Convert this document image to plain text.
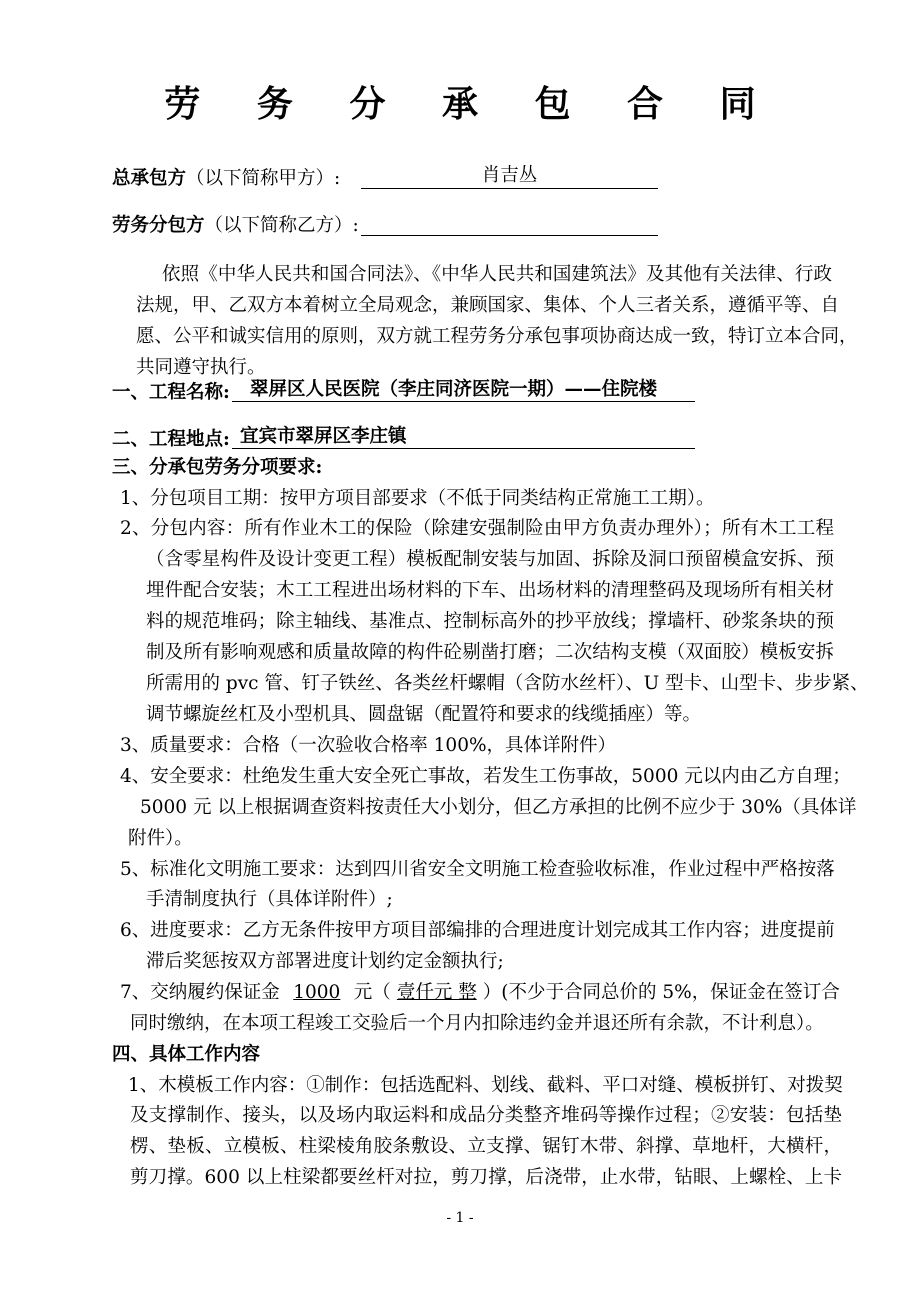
劳 务 分 承 包 合 同
总承包方（以下简称甲方）:	肖吉丛
劳务分包方（以下简称乙方）:
依照《中华人民共和国合同法》、《中华人民共和国建筑法》及其他有关法律、行政
法规，甲、乙双方本着树立全局观念，兼顾国家、集体、个人三者关系，遵循平等、自
愿、公平和诚实信用的原则，双方就工程劳务分承包事项协商达成一致，特订立本合同，
共同遵守执行。
一、工程名称:	翠屏区人民医院（李庄同济医院一期）——住院楼
二、工程地点: 宜宾市翠屏区李庄镇
三、分承包劳务分项要求:
1、分包项目工期：按甲方项目部要求（不低于同类结构正常施工工期）。
2、分包内容：所有作业木工的保险（除建安强制险由甲方负责办理外）；所有木工工程
（含零星构件及设计变更工程）模板配制安装与加固、拆除及洞口预留模盒安拆、预
埋件配合安装；木工工程进出场材料的下车、出场材料的清理整码及现场所有相关材
料的规范堆码；除主轴线、基准点、控制标高外的抄平放线；撑墙杆、砂浆条块的预
制及所有影响观感和质量故障的构件砼剔凿打磨；二次结构支模（双面胶）模板安拆
所需用的 pvc 管、钉子铁丝、各类丝杆螺帽（含防水丝杆）、U 型卡、山型卡、步步紧、
调节螺旋丝杠及小型机具、圆盘锯（配置符和要求的线缆插座）等。
3、质量要求：合格（一次验收合格率 100%，具体详附件）
4、安全要求：杜绝发生重大安全死亡事故，若发生工伤事故，5000 元以内由乙方自理；
5000 元 以上根据调查资料按责任大小划分，但乙方承担的比例不应少于 30%（具体详
附件）。
5、标准化文明施工要求：达到四川省安全文明施工检查验收标准，作业过程中严格按落
手清制度执行（具体详附件）;
6、进度要求：乙方无条件按甲方项目部编排的合理进度计划完成其工作内容；进度提前
滞后奖惩按双方部署进度计划约定金额执行;
7、交纳履约保证金 1000 元（ 壹仟元 整 ）(不少于合同总价的 5%，保证金在签订合
同时缴纳，在本项工程竣工交验后一个月内扣除违约金并退还所有余款，不计利息）。
四、具体工作内容
1、木模板工作内容：①制作：包括选配料、划线、截料、平口对缝、模板拼钉、对拨契
及支撑制作、接头，以及场内取运料和成品分类整齐堆码等操作过程；②安装：包括垫
楞、垫板、立模板、柱梁棱角胶条敷设、立支撑、锯钉木带、斜撑、草地杆，大横杆，
剪刀撑。600 以上柱梁都要丝杆对拉，剪刀撑，后浇带，止水带，钻眼、上螺栓、上卡
- 1 -
